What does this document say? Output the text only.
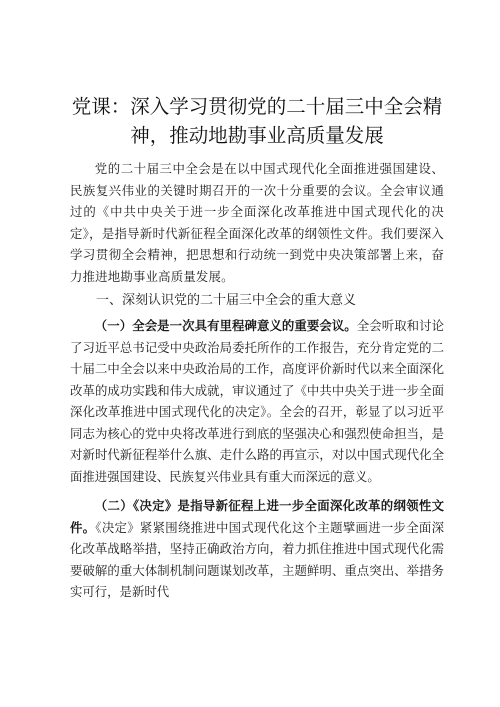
党课：深入学习贯彻党的二十届三中全会精
神，推动地勘事业高质量发展

党的二十届三中全会是在以中国式现代化全面推进强国建设、民族复兴伟业的关键时期召开的一次十分重要的会议。全会审议通过的《中共中央关于进一步全面深化改革推进中国式现代化的决定》，是指导新时代新征程全面深化改革的纲领性文件。我们要深入学习贯彻全会精神，把思想和行动统一到党中央决策部署上来，奋力推进地勘事业高质量发展。

一、深刻认识党的二十届三中全会的重大意义

（一）全会是一次具有里程碑意义的重要会议。全会听取和讨论了习近平总书记受中央政治局委托所作的工作报告，充分肯定党的二十届二中全会以来中央政治局的工作，高度评价新时代以来全面深化改革的成功实践和伟大成就，审议通过了《中共中央关于进一步全面深化改革推进中国式现代化的决定》。全会的召开，彰显了以习近平同志为核心的党中央将改革进行到底的坚强决心和强烈使命担当，是对新时代新征程举什么旗、走什么路的再宣示，对以中国式现代化全面推进强国建设、民族复兴伟业具有重大而深远的意义。

（二）《决定》是指导新征程上进一步全面深化改革的纲领性文件。《决定》紧紧围绕推进中国式现代化这个主题擘画进一步全面深化改革战略举措，坚持正确政治方向，着力抓住推进中国式现代化需要破解的重大体制机制问题谋划改革，主题鲜明、重点突出、举措务实可行，是新时代
